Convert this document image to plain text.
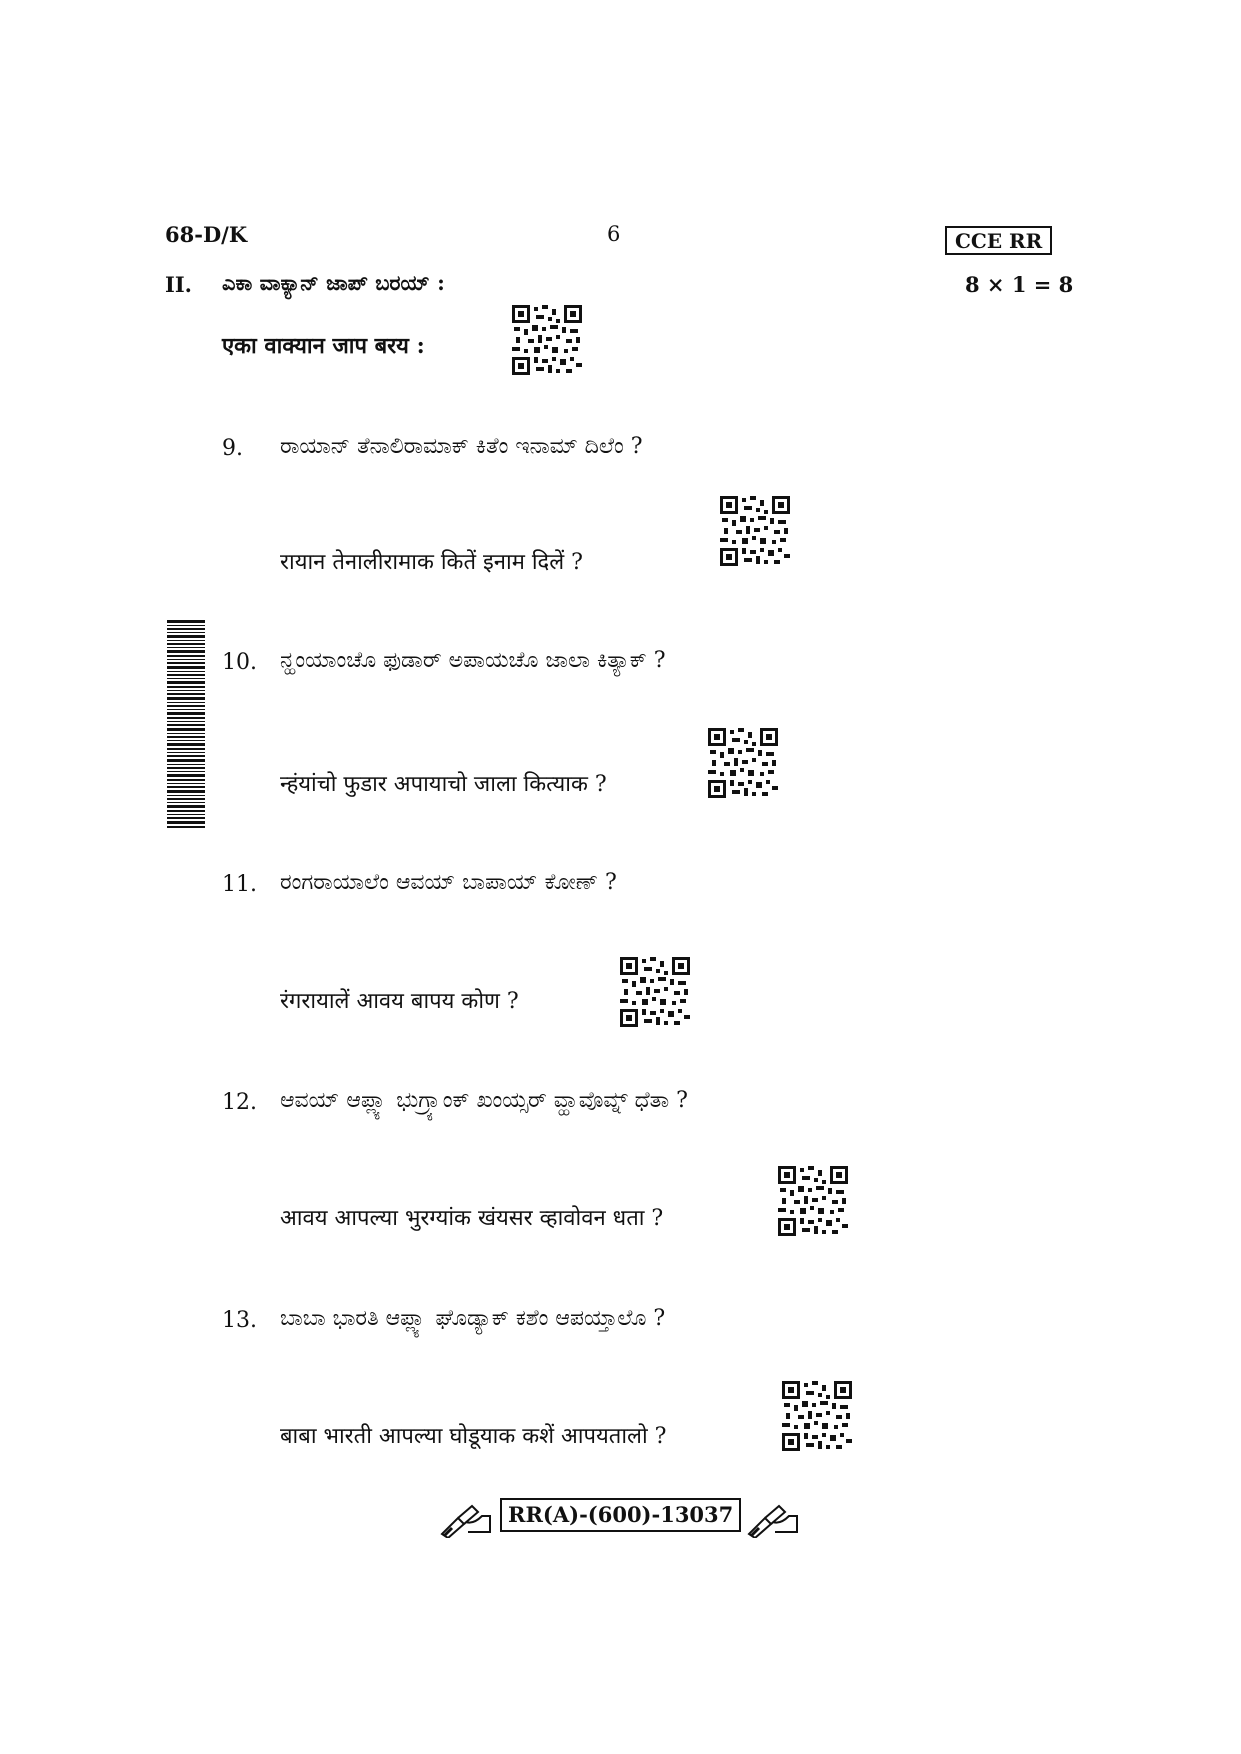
68-D/K	6	CCE RR
II. ಎಕಾ ವಾಕ್ಯಾನ್ ಜಾಪ್ ಬರಯ್ :	8 × 1 = 8
एका वाक्यान जाप बरय :
9. ರಾಯಾನ್ ತೆನಾಲಿರಾಮಾಕ್ ಕಿತೆಂ ಇನಾಮ್ ದಿಲೆಂ ?
रायान तेनालीरामाक कितें इनाम दिलें ?
10. ನ್ಹಂಯಾಂಚೊ ಫುಡಾರ್ ಅಪಾಯಚೊ ಜಾಲಾ ಕಿತ್ಯಾಕ್ ?
न्हंयांचो फुडार अपायाचो जाला कित्याक ?
11. ರಂಗರಾಯಾಲೆಂ ಆವಯ್ ಬಾಪಾಯ್ ಕೋಣ್ ?
रंगरायालें आवय बापय कोण ?
12. ಆವಯ್ ಆಪ್ಲ್ಯಾ ಭುಗ್ರ್ಯಾಂಕ್ ಖಂಯ್ಸರ್ ವ್ಹಾವೊವ್ನ್ ಧೆತಾ ?
आवय आपल्या भुरग्यांक खंयसर व्हावोवन धता ?
13. ಬಾಬಾ ಭಾರತಿ ಆಪ್ಲ್ಯಾ ಘೊಡ್ಯಾಕ್ ಕಶೆಂ ಆಪಯ್ತಾಲೊ ?
बाबा भारती आपल्या घोडूयाक कशें आपयतालो ?
RR(A)-(600)-13037
